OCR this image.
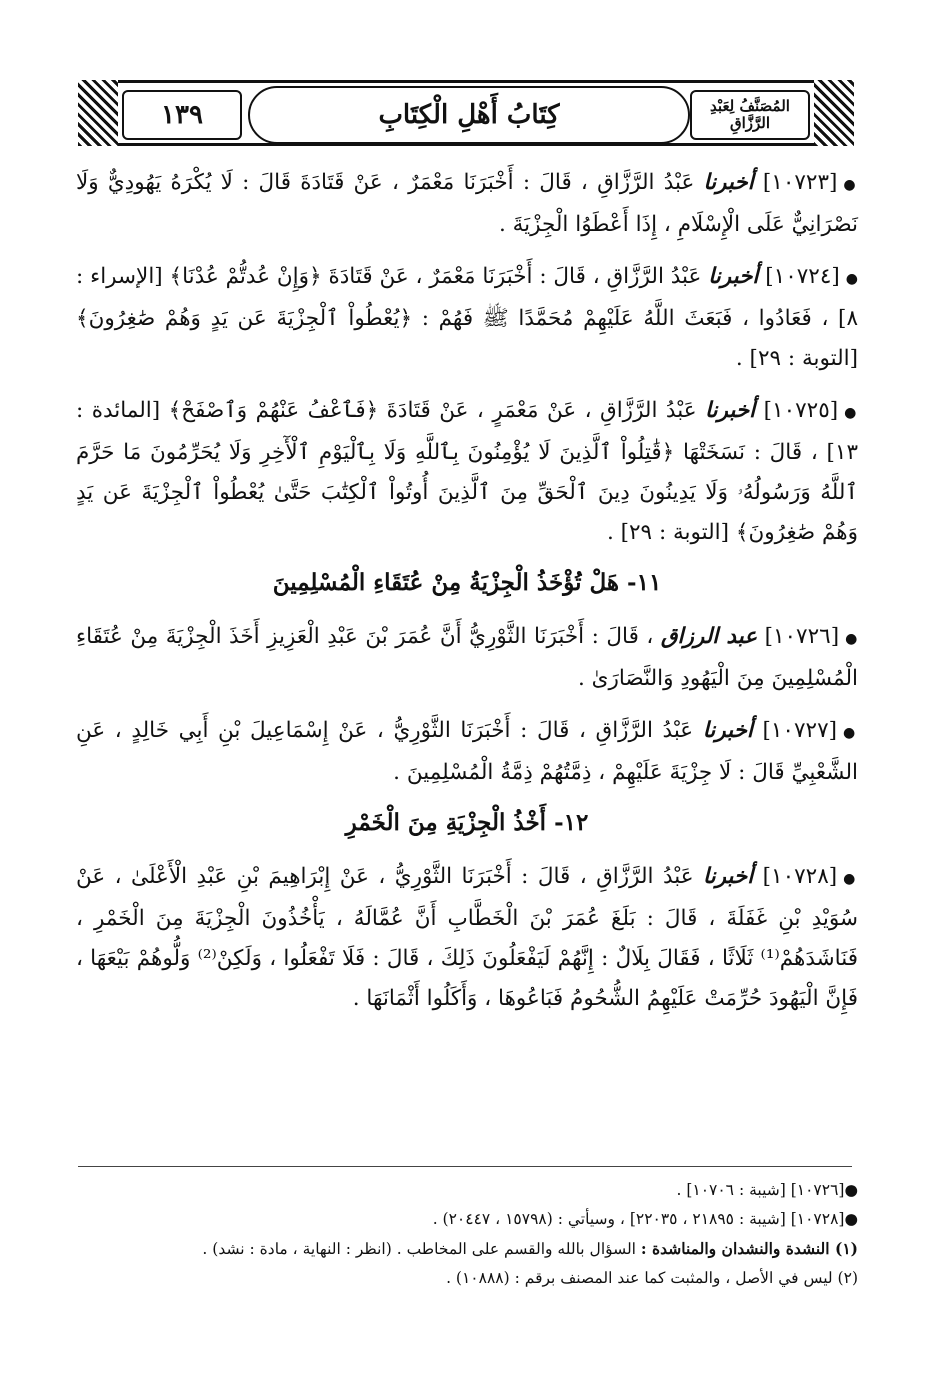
١٣٩	كِتَابُ أَهْلِ الْكِتَابِ	المُصَنَّفُ لِعَبْدِ الرَّزَّاقِ

●[١٠٧٢٣] أخبرنا عَبْدُ الرَّزَّاقِ ، قَالَ : أَخْبَرَنَا مَعْمَرٌ ، عَنْ قَتَادَةَ قَالَ : لَا يُكْرَهُ يَهُودِيٌّ وَلَا نَصْرَانِيٌّ عَلَى الْإِسْلَامِ ، إِذَا أَعْطَوُا الْجِزْيَةَ .

●[١٠٧٢٤] أخبرنا عَبْدُ الرَّزَّاقِ ، قَالَ : أَخْبَرَنَا مَعْمَرٌ ، عَنْ قَتَادَةَ ﴿وَإِنْ عُدتُّمْ عُدْنَا﴾ [الإسراء : ٨] ، فَعَادُوا ، فَبَعَثَ اللَّهُ عَلَيْهِمْ مُحَمَّدًا ﷺ فَهُمْ : ﴿يُعْطُواْ ٱلْجِزْيَةَ عَن يَدٍ وَهُمْ صَٰغِرُونَ﴾ [التوبة : ٢٩] .

●[١٠٧٢٥] أخبرنا عَبْدُ الرَّزَّاقِ ، عَنْ مَعْمَرٍ ، عَنْ قَتَادَةَ ﴿فَٱعْفُ عَنْهُمْ وَٱصْفَحْ﴾ [المائدة : ١٣] ، قَالَ : نَسَخَتْهَا ﴿قَٰتِلُواْ ٱلَّذِينَ لَا يُؤْمِنُونَ بِٱللَّهِ وَلَا بِٱلْيَوْمِ ٱلْأٓخِرِ وَلَا يُحَرِّمُونَ مَا حَرَّمَ ٱللَّهُ وَرَسُولُهُۥ وَلَا يَدِينُونَ دِينَ ٱلْحَقِّ مِنَ ٱلَّذِينَ أُوتُواْ ٱلْكِتَٰبَ حَتَّىٰ يُعْطُواْ ٱلْجِزْيَةَ عَن يَدٍ وَهُمْ صَٰغِرُونَ﴾ [التوبة : ٢٩] .

١١- هَلْ تُؤْخَذُ الْجِزْيَةُ مِنْ عُتَقَاءِ الْمُسْلِمِينَ

●[١٠٧٢٦] عبد الرزاق ، قَالَ : أَخْبَرَنَا الثَّوْرِيُّ أَنَّ عُمَرَ بْنَ عَبْدِ الْعَزِيزِ أَخَذَ الْجِزْيَةَ مِنْ عُتَقَاءِ الْمُسْلِمِينَ مِنَ الْيَهُودِ وَالنَّصَارَىٰ .

●[١٠٧٢٧] أخبرنا عَبْدُ الرَّزَّاقِ ، قَالَ : أَخْبَرَنَا الثَّوْرِيُّ ، عَنْ إِسْمَاعِيلَ بْنِ أَبِي خَالِدٍ ، عَنِ الشَّعْبِيِّ قَالَ : لَا جِزْيَةَ عَلَيْهِمْ ، ذِمَّتُهُمْ ذِمَّةُ الْمُسْلِمِينَ .

١٢- أَخْذُ الْجِزْيَةِ مِنَ الْخَمْرِ

●[١٠٧٢٨] أخبرنا عَبْدُ الرَّزَّاقِ ، قَالَ : أَخْبَرَنَا الثَّوْرِيُّ ، عَنْ إِبْرَاهِيمَ بْنِ عَبْدِ الْأَعْلَىٰ ، عَنْ سُوَيْدِ بْنِ غَفَلَةَ ، قَالَ : بَلَغَ عُمَرَ بْنَ الْخَطَّابِ أَنَّ عُمَّالَهُ ، يَأْخُذُونَ الْجِزْيَةَ مِنَ الْخَمْرِ ، فَنَاشَدَهُمْ⁽¹⁾ ثَلَاثًا ، فَقَالَ بِلَالٌ : إِنَّهُمْ لَيَفْعَلُونَ ذَلِكَ ، قَالَ : فَلَا تَفْعَلُوا ، وَلَكِنْ⁽²⁾ وَلُّوهُمْ بَيْعَهَا ، فَإِنَّ الْيَهُودَ حُرِّمَتْ عَلَيْهِمُ الشُّحُومُ فَبَاعُوهَا ، وَأَكَلُوا أَثْمَانَهَا .

●[١٠٧٢٦] [شيبة : ١٠٧٠٦] .
●[١٠٧٢٨] [شيبة : ٢١٨٩٥ ، ٢٢٠٣٥] ، وسيأتي : (١٥٧٩٨ ، ٢٠٤٤٧) .
(١) النشدة والنشدان والمناشدة : السؤال بالله والقسم على المخاطب . (انظر : النهاية ، مادة : نشد) .
(٢) ليس في الأصل ، والمثبت كما عند المصنف برقم : (١٠٨٨٨) .
